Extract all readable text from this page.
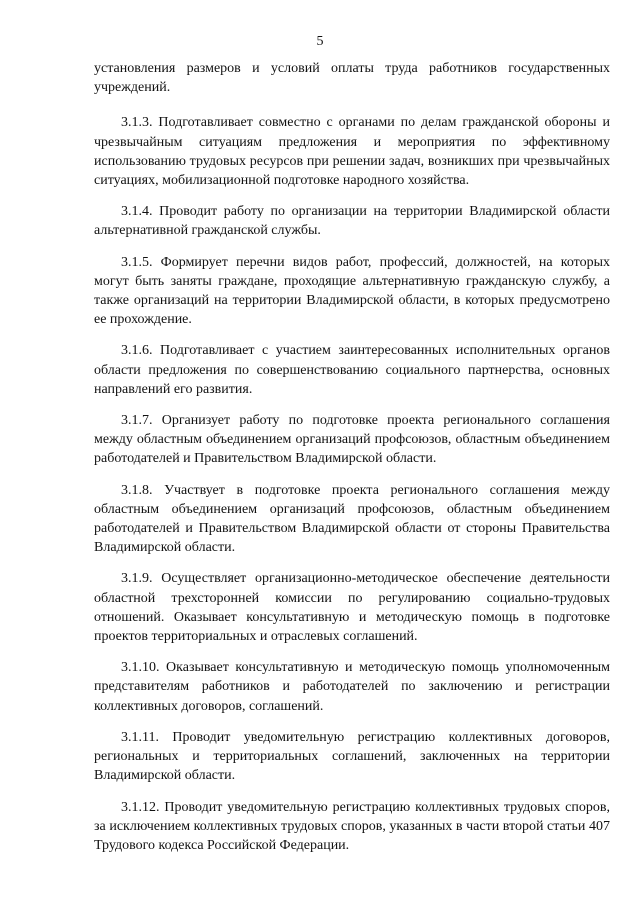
5

установления размеров и условий оплаты труда работников государственных учреждений.

3.1.3. Подготавливает совместно с органами по делам гражданской обороны и чрезвычайным ситуациям предложения и мероприятия по эффективному использованию трудовых ресурсов при решении задач, возникших при чрезвычайных ситуациях, мобилизационной подготовке народного хозяйства.

3.1.4. Проводит работу по организации на территории Владимирской области альтернативной гражданской службы.

3.1.5. Формирует перечни видов работ, профессий, должностей, на которых могут быть заняты граждане, проходящие альтернативную гражданскую службу, а также организаций на территории Владимирской области, в которых предусмотрено ее прохождение.

3.1.6. Подготавливает с участием заинтересованных исполнительных органов области предложения по совершенствованию социального партнерства, основных направлений его развития.

3.1.7. Организует работу по подготовке проекта регионального соглашения между областным объединением организаций профсоюзов, областным объединением работодателей и Правительством Владимирской области.

3.1.8. Участвует в подготовке проекта регионального соглашения между областным объединением организаций профсоюзов, областным объединением работодателей и Правительством Владимирской области от стороны Правительства Владимирской области.

3.1.9. Осуществляет организационно-методическое обеспечение деятельности областной трехсторонней комиссии по регулированию социально-трудовых отношений. Оказывает консультативную и методическую помощь в подготовке проектов территориальных и отраслевых соглашений.

3.1.10. Оказывает консультативную и методическую помощь уполномоченным представителям работников и работодателей по заключению и регистрации коллективных договоров, соглашений.

3.1.11. Проводит уведомительную регистрацию коллективных договоров, региональных и территориальных соглашений, заключенных на территории Владимирской области.

3.1.12. Проводит уведомительную регистрацию коллективных трудовых споров, за исключением коллективных трудовых споров, указанных в части второй статьи 407 Трудового кодекса Российской Федерации.
